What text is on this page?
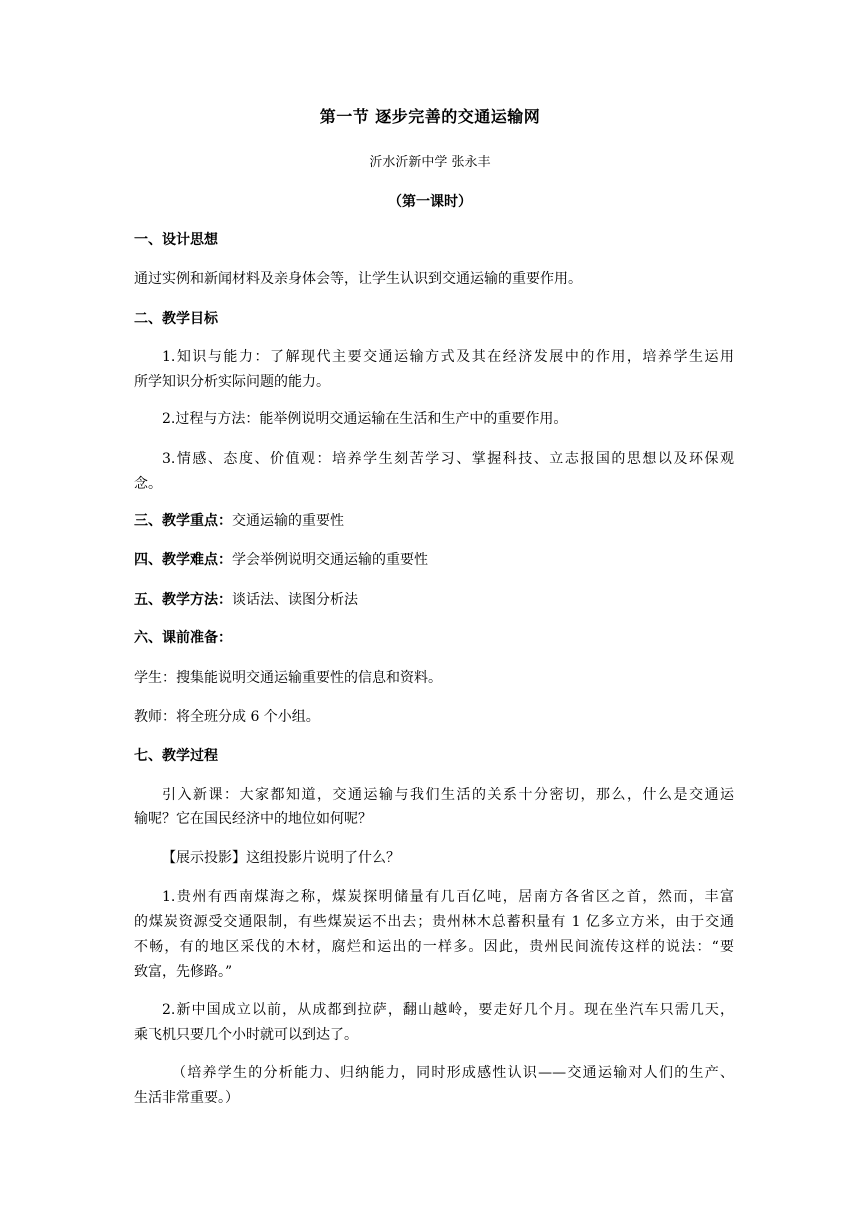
第一节 逐步完善的交通运输网
沂水沂新中学 张永丰
（第一课时）
一、设计思想
通过实例和新闻材料及亲身体会等，让学生认识到交通运输的重要作用。
二、教学目标
1.知识与能力：了解现代主要交通运输方式及其在经济发展中的作用，培养学生运用
所学知识分析实际问题的能力。
2.过程与方法：能举例说明交通运输在生活和生产中的重要作用。
3.情感、态度、价值观：培养学生刻苦学习、掌握科技、立志报国的思想以及环保观
念。
三、教学重点：交通运输的重要性
四、教学难点：学会举例说明交通运输的重要性
五、教学方法：谈话法、读图分析法
六、课前准备：
学生：搜集能说明交通运输重要性的信息和资料。
教师：将全班分成 6 个小组。
七、教学过程
引入新课：大家都知道，交通运输与我们生活的关系十分密切，那么，什么是交通运
输呢？它在国民经济中的地位如何呢？
【展示投影】这组投影片说明了什么？
1.贵州有西南煤海之称，煤炭探明储量有几百亿吨，居南方各省区之首，然而，丰富
的煤炭资源受交通限制，有些煤炭运不出去；贵州林木总蓄积量有 1 亿多立方米，由于交通
不畅，有的地区采伐的木材，腐烂和运出的一样多。因此，贵州民间流传这样的说法：“要
致富，先修路。”
2.新中国成立以前，从成都到拉萨，翻山越岭，要走好几个月。现在坐汽车只需几天，
乘飞机只要几个小时就可以到达了。
（培养学生的分析能力、归纳能力，同时形成感性认识——交通运输对人们的生产、
生活非常重要。）
